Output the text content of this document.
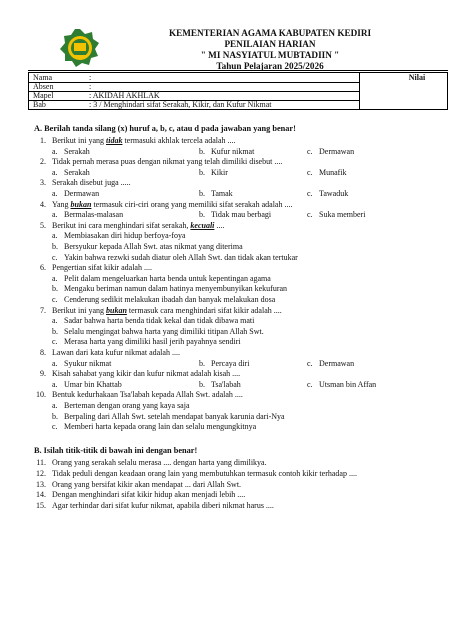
KEMENTERIAN AGAMA KABUPATEN KEDIRI
PENILAIAN HARIAN
" MI NASYIATUL MUBTADIIN "
Tahun Pelajaran 2025/2026
Nama	:
Absen	:
Mapel	: AKIDAH AKHLAK
Bab	: 3 / Menghindari sifat Serakah, Kikir, dan Kufur Nikmat
Nilai
A. Berilah tanda silang (x) huruf a, b, c, atau d pada jawaban yang benar!
1. Berikut ini yang tidak termasuki akhlak tercela adalah ....
a. Serakah	b. Kufur nikmat	c. Dermawan
2. Tidak pernah merasa puas dengan nikmat yang telah dimiliki disebut ....
a. Serakah	b. Kikir	c. Munafik
3. Serakah disebut juga .....
a. Dermawan	b. Tamak	c. Tawaduk
4. Yang bukan termasuk ciri-ciri orang yang memiliki sifat serakah adalah ....
a. Bermalas-malasan	b. Tidak mau berbagi	c. Suka memberi
5. Berikut ini cara menghindari sifat serakah, kecuali ....
a. Membiasakan diri hidup berfoya-foya
b. Bersyukur kepada Allah Swt. atas nikmat yang diterima
c. Yakin bahwa rezwki sudah diatur oleh Allah Swt. dan tidak akan tertukar
6. Pengertian sifat kikir adalah ....
a. Pelit dalam mengeluarkan harta benda untuk kepentingan agama
b. Mengaku beriman namun dalam hatinya menyembunyikan kekufuran
c. Cenderung sedikit melakukan ibadah dan banyak melakukan dosa
7. Berikut ini yang bukan termasuk cara menghindari sifat kikir adalah ....
a. Sadar bahwa harta benda tidak kekal dan tidak dibawa mati
b. Selalu mengingat bahwa harta yang dimiliki titipan Allah Swt.
c. Merasa harta yang dimiliki hasil jerih payahnya sendiri
8. Lawan dari kata kufur nikmat adalah ....
a. Syukur nikmat	b. Percaya diri	c. Dermawan
9. Kisah sahabat yang kikir dan kufur nikmat adalah kisah ....
a. Umar bin Khattab	b. Tsa'labah	c. Utsman bin Affan
10. Bentuk kedurhakaan Tsa'labah kepada Allah Swt. adalah ....
a. Berteman dengan orang yang kaya saja
b. Berpaling dari Allah Swt. setelah mendapat banyak karunia dari-Nya
c. Memberi harta kepada orang lain dan selalu mengungkitnya
B. Isilah titik-titik di bawah ini dengan benar!
11. Orang yang serakah selalu merasa .... dengan harta yang dimilikya.
12. Tidak peduli dengan keadaan orang lain yang membutuhkan termasuk contoh kikir terhadap ....
13. Orang yang bersifat kikir akan mendapat ... dari Allah Swt.
14. Dengan menghindari sifat kikir hidup akan menjadi lebih ....
15. Agar terhindar dari sifat kufur nikmat, apabila diberi nikmat harus ....
